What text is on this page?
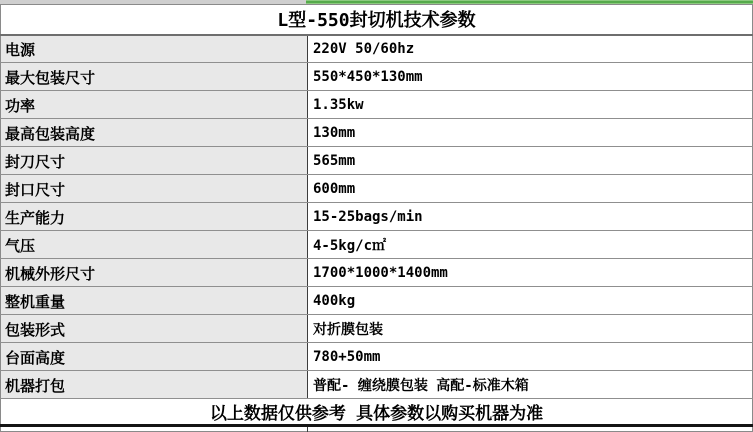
L型-550封切机技术参数	
电源	220V 50/60hz
最大包装尺寸	550*450*130mm
功率	1.35kw
最高包装高度	130mm
封刀尺寸	565mm
封口尺寸	600mm
生产能力	15-25bags/min
气压	4-5kg/c㎡
机械外形尺寸	1700*1000*1400mm
整机重量	400kg
包装形式	对折膜包装
台面高度	780+50mm
机器打包	普配- 缠绕膜包装 高配-标准木箱
以上数据仅供参考 具体参数以购买机器为准	
